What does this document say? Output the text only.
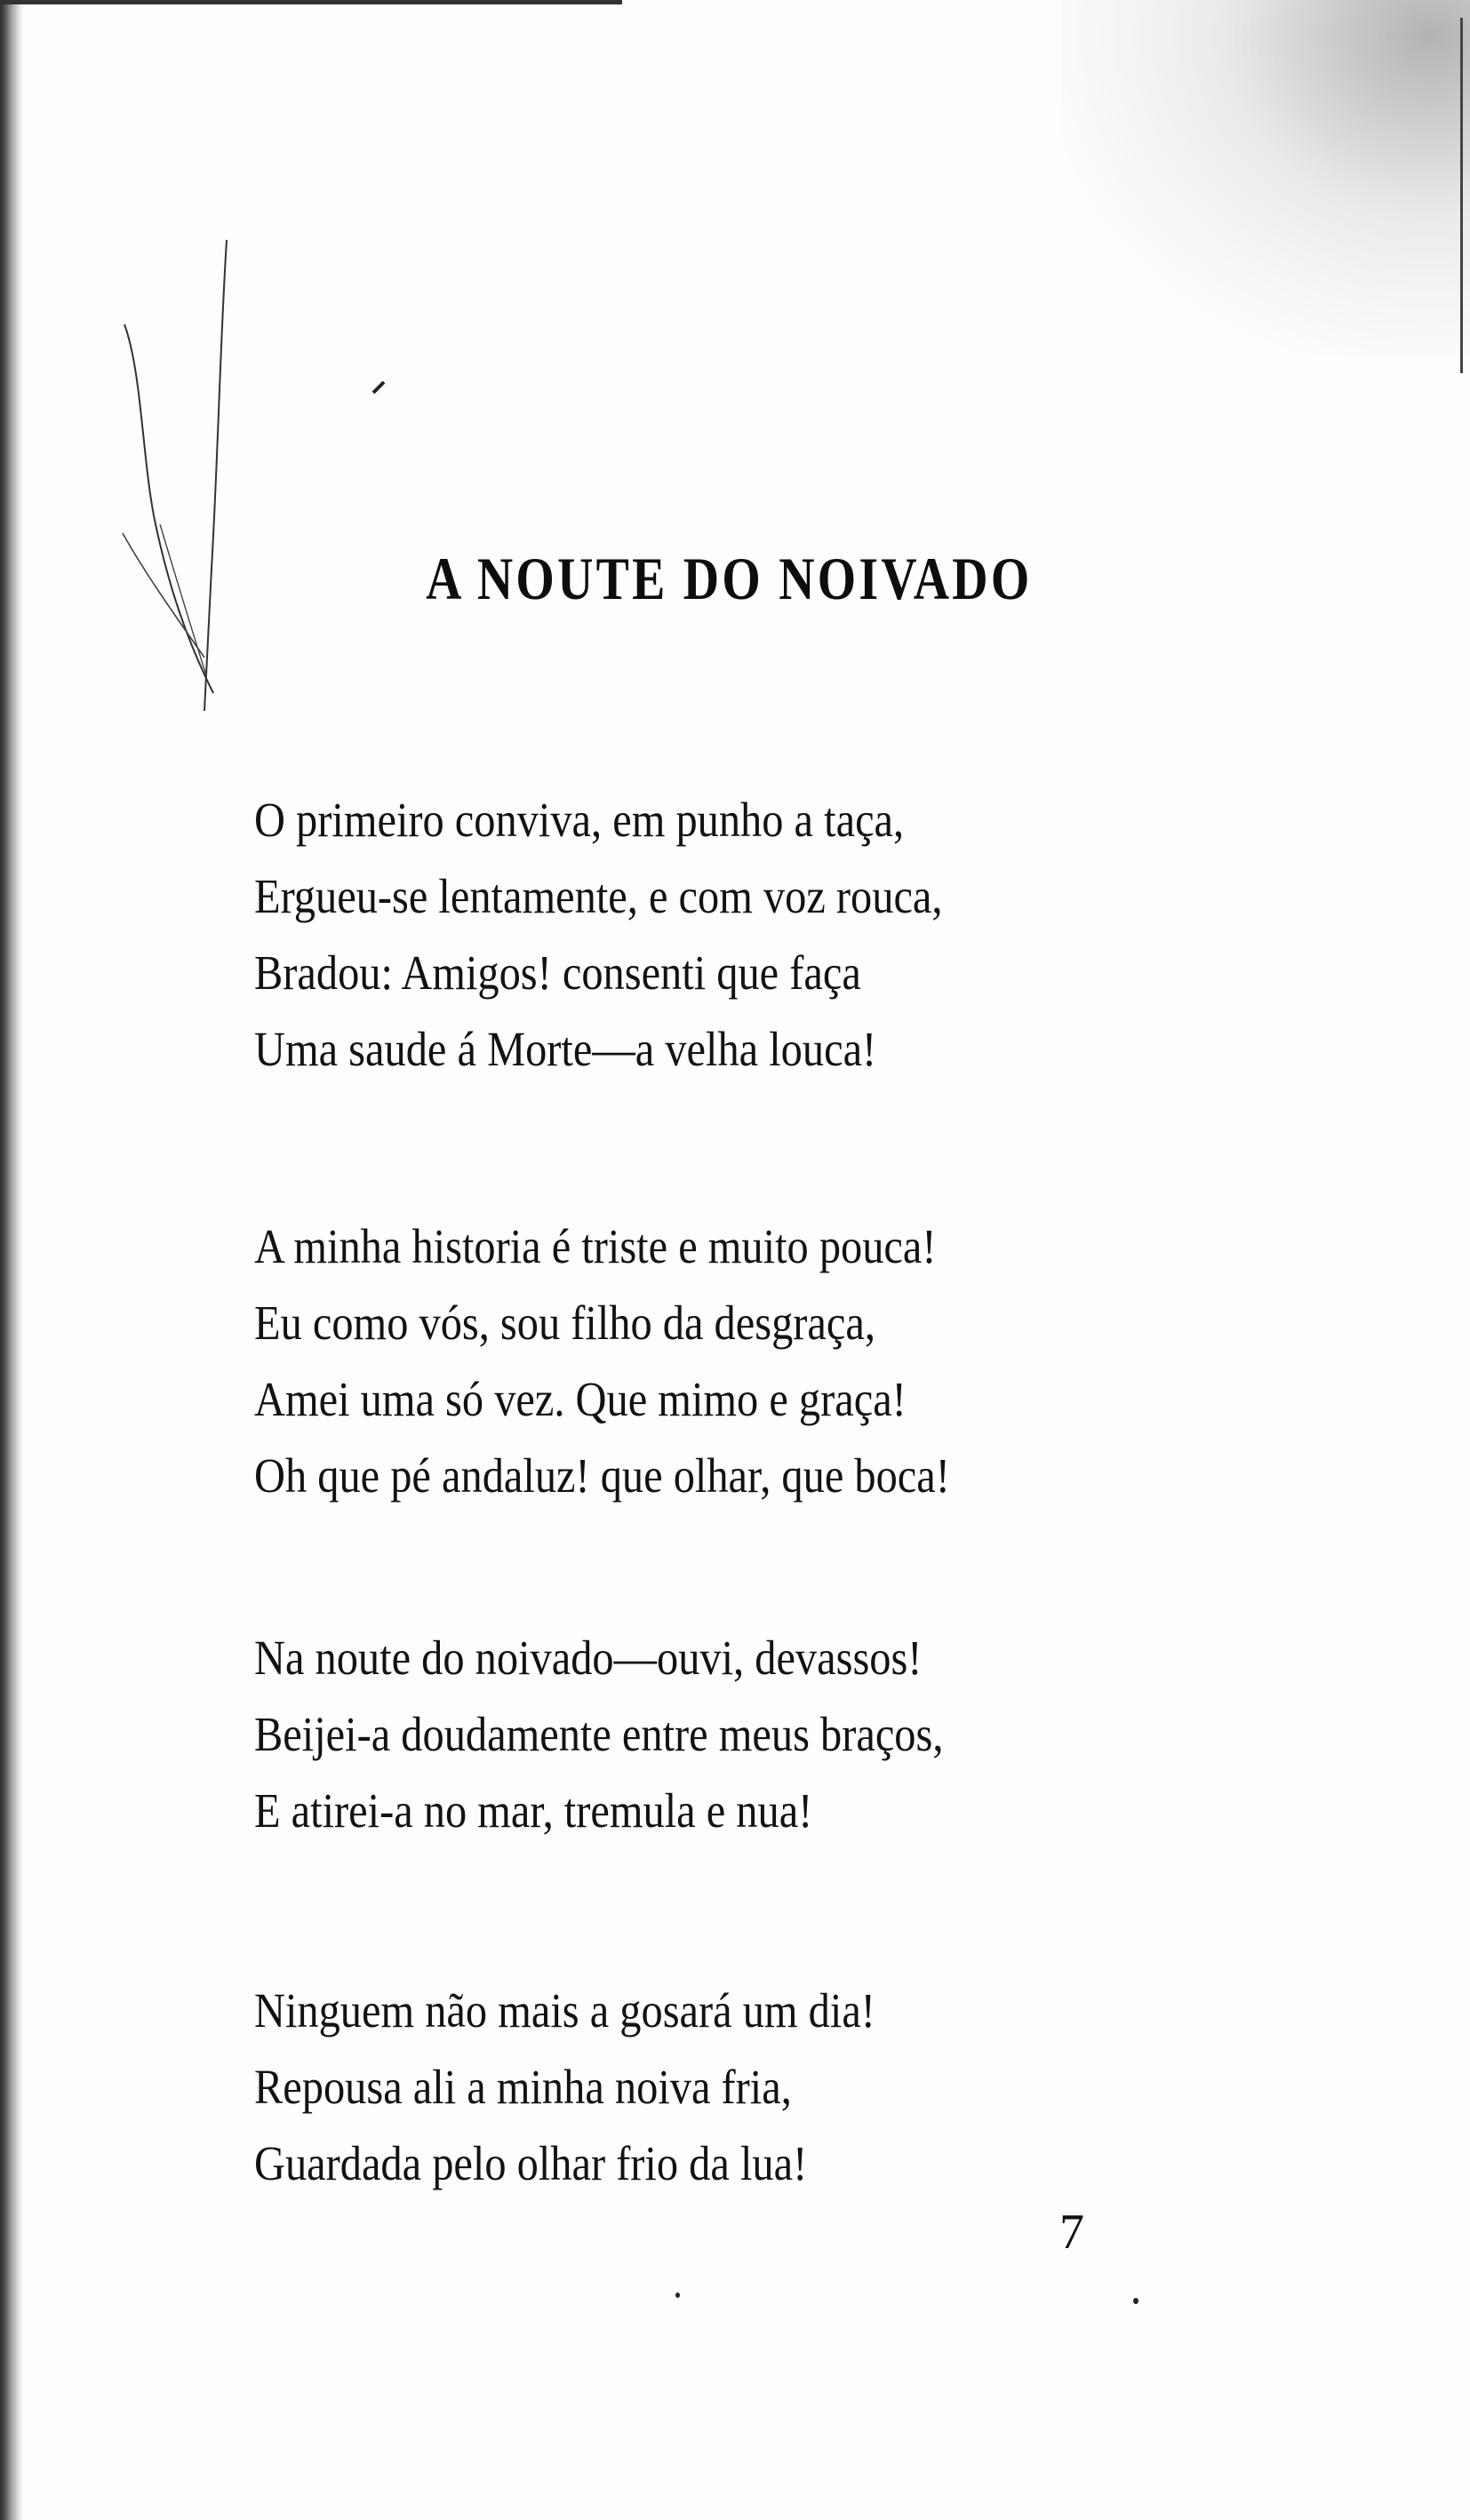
A NOUTE DO NOIVADO
O primeiro conviva, em punho a taça,
Ergueu-se lentamente, e com voz rouca,
Bradou: Amigos! consenti que faça
Uma saude á Morte—a velha louca!
A minha historia é triste e muito pouca!
Eu como vós, sou filho da desgraça,
Amei uma só vez. Que mimo e graça!
Oh que pé andaluz! que olhar, que boca!
Na noute do noivado—ouvi, devassos!
Beijei-a doudamente entre meus braços,
E atirei-a no mar, tremula e nua!
Ninguem não mais a gosará um dia!
Repousa ali a minha noiva fria,
Guardada pelo olhar frio da lua!
7
